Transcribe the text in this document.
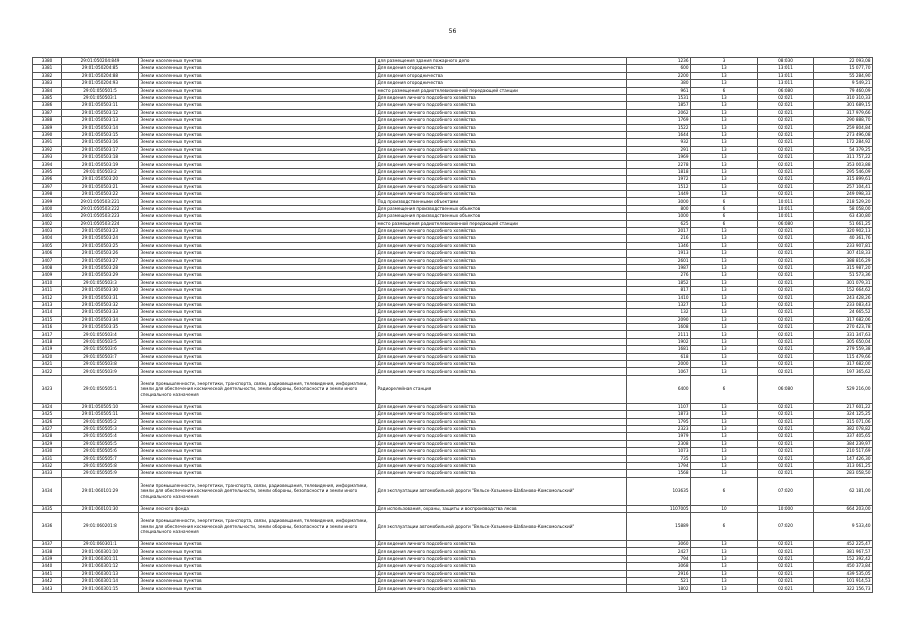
56
3380	29:01:050204:849	Земли населенных пунктов	для размещения здания пожарного депо	1236	3	08:030	22 093,08
3381	29:01:050204:85	Земли населенных пунктов	Для ведения огородничества	600	13	13:011	15 077,70
3382	29:01:050204:88	Земли населенных пунктов	Для ведения огородничества	2200	13	13:011	55 284,90
3383	29:01:050204:93	Земли населенных пунктов	Для ведения огородничества	380	13	13:011	9 549,21
3384	29:01:050501:5	Земли населенных пунктов	место размещения радиотелевизионной передающей станции	961	6	06:080	79 460,09
3385	29:01:050503:1	Земли населенных пунктов	Для ведения личного подсобного хозяйства	1531	13	02:021	310 310,33
3386	29:01:050503:11	Земли населенных пунктов	Для ведения личного подсобного хозяйства	1857	13	02:021	301 689,15
3387	29:01:050503:12	Земли населенных пунктов	Для ведения личного подсобного хозяйства	2062	13	02:021	317 979,66
3388	29:01:050503:13	Земли населенных пунктов	Для ведения личного подсобного хозяйства	1769	13	02:021	290 888,70
3389	29:01:050503:14	Земли населенных пунктов	Для ведения личного подсобного хозяйства	1522	13	02:021	259 804,84
3390	29:01:050503:15	Земли населенных пунктов	Для ведения личного подсобного хозяйства	1644	13	02:021	273 496,08
3391	29:01:050503:16	Земли населенных пунктов	Для ведения личного подсобного хозяйства	932	13	02:021	172 284,92
3392	29:01:050503:17	Земли населенных пунктов	Для ведения личного подсобного хозяйства	291	13	02:021	54 379,25
3393	29:01:050503:18	Земли населенных пунктов	Для ведения личного подсобного хозяйства	1969	13	02:021	311 757,22
3394	29:01:050503:19	Земли населенных пунктов	Для ведения личного подсобного хозяйства	2278	13	02:021	353 003,88
3395	29:01:050503:2	Земли населенных пунктов	Для ведения личного подсобного хозяйства	1818	13	02:021	295 546,09
3396	29:01:050503:20	Земли населенных пунктов	Для ведения личного подсобного хозяйства	1972	13	02:021	315 899,61
3397	29:01:050503:21	Земли населенных пунктов	Для ведения личного подсобного хозяйства	1512	13	02:021	257 104,41
3398	29:01:050503:22	Земли населенных пунктов	Для ведения личного подсобного хозяйства	1449	13	02:021	249 098,33
3399	29:01:050503:221	Земли населенных пунктов	Под производственными объектами	3000	6	10:011	218 529,20
3400	29:01:050503:222	Земли населенных пунктов	Для размещения производственных объектов	800	6	10:011	58 058,00
3401	29:01:050503:223	Земли населенных пунктов	Для размещения производственных объектов	1000	6	10:011	63 430,80
3402	29:01:050503:224	Земли населенных пунктов	место размещения радиотелевизионной передающей станции	625	6	06:080	51 661,25
3403	29:01:050503:23	Земли населенных пунктов	Для ведения личного подсобного хозяйства	2017	13	02:021	320 902,13
3404	29:01:050503:24	Земли населенных пунктов	Для ведения личного подсобного хозяйства	216	13	02:021	40 361,76
3405	29:01:050503:25	Земли населенных пунктов	Для ведения личного подсобного хозяйства	1346	13	02:021	233 907,81
3406	29:01:050503:26	Земли населенных пунктов	Для ведения личного подсобного хозяйства	1913	13	02:021	307 418,33
3407	29:01:050503:27	Земли населенных пунктов	Для ведения личного подсобного хозяйства	2601	13	02:021	388 816,29
3408	29:01:050503:28	Земли населенных пунктов	Для ведения личного подсобного хозяйства	1987	13	02:021	315 987,20
3409	29:01:050503:29	Земли населенных пунктов	Для ведения личного подсобного хозяйства	276	13	02:021	51 573,36
3410	29:01:050503:3	Земли населенных пунктов	Для ведения личного подсобного хозяйства	1852	13	02:021	301 079,31
3411	29:01:050503:30	Земли населенных пунктов	Для ведения личного подсобного хозяйства	817	13	02:021	152 664,62
3412	29:01:050503:31	Земли населенных пунктов	Для ведения личного подсобного хозяйства	1410	13	02:021	243 428,26
3413	29:01:050503:32	Земли населенных пунктов	Для ведения личного подсобного хозяйства	1327	13	02:021	233 083,43
3414	29:01:050503:33	Земли населенных пунктов	Для ведения личного подсобного хозяйства	132	13	02:021	24 665,52
3415	29:01:050503:34	Земли населенных пунктов	Для ведения личного подсобного хозяйства	2090	13	02:021	317 682,06
3416	29:01:050503:35	Земли населенных пунктов	Для ведения личного подсобного хозяйства	1608	13	02:021	270 423,78
3417	29:01:050503:4	Земли населенных пунктов	Для ведения личного подсобного хозяйства	2111	13	02:021	331 347,63
3418	29:01:050503:5	Земли населенных пунктов	Для ведения личного подсобного хозяйства	1902	13	02:021	305 650,04
3419	29:01:050503:6	Земли населенных пунктов	Для ведения личного подсобного хозяйства	1681	13	02:021	279 559,38
3420	29:01:050503:7	Земли населенных пунктов	Для ведения личного подсобного хозяйства	618	13	02:021	115 479,66
3421	29:01:050503:8	Земли населенных пунктов	Для ведения личного подсобного хозяйства	2000	13	02:021	317 682,00
3422	29:01:050503:9	Земли населенных пунктов	Для ведения личного подсобного хозяйства	1067	13	02:021	197 365,62
3423	29:01:050505:1	Земли промышленности, энергетики, транспорта, связи, радиовещания, телевидения, информатики, земли для обеспечения космической деятельности, земли обороны, безопасности и земли иного специального назначения	Радиорелейная станция	6400	6	06:080	529 216,00
3424	29:01:050505:10	Земли населенных пунктов	Для ведения личного подсобного хозяйства	1107	13	02:021	217 601,22
3425	29:01:050505:11	Земли населенных пунктов	Для ведения личного подсобного хозяйства	1873	13	02:021	324 125,25
3426	29:01:050505:2	Земли населенных пунктов	Для ведения личного подсобного хозяйства	1795	13	02:021	315 071,06
3427	29:01:050505:3	Земли населенных пунктов	Для ведения личного подсобного хозяйства	2323	13	02:021	382 078,82
3428	29:01:050505:4	Земли населенных пунктов	Для ведения личного подсобного хозяйства	1979	13	02:021	337 405,65
3429	29:01:050505:5	Земли населенных пунктов	Для ведения личного подсобного хозяйства	2308	13	02:021	384 239,97
3430	29:01:050505:6	Земли населенных пунктов	Для ведения личного подсобного хозяйства	1073	13	02:021	210 517,69
3431	29:01:050505:7	Земли населенных пунктов	Для ведения личного подсобного хозяйства	735	13	02:021	147 426,30
3432	29:01:050505:8	Земли населенных пунктов	Для ведения личного подсобного хозяйства	1794	13	02:021	313 061,25
3433	29:01:050505:9	Земли населенных пунктов	Для ведения личного подсобного хозяйства	1568	13	02:021	283 058,50
3434	29:01:060101:29	Земли промышленности, энергетики, транспорта, связи, радиовещания, телевидения, информатики, земли для обеспечения космической деятельности, земли обороны, безопасности и земли иного специального назначения	Для эксплуатации автомобильной дороги "Вельск-Хозьмино-Шабаново-Комсомольский"	103635	6	07:020	62 181,00
3435	29:01:060101:30	Земли лесного фонда	Для использования, охраны, защиты и воспроизводства лесов	1107005	10	10:000	664 203,00
3436	29:01:060201:8	Земли промышленности, энергетики, транспорта, связи, радиовещания, телевидения, информатики, земли для обеспечения космической деятельности, земли обороны, безопасности и земли иного специального назначения	Для эксплуатации автомобильной дороги "Вельск-Хозьмино-Шабаново-Комсомольский"	15889	6	07:020	9 533,40
3437	29:01:060301:1	Земли населенных пунктов	Для ведения личного подсобного хозяйства	3060	13	02:021	452 225,47
3438	29:01:060301:10	Земли населенных пунктов	Для ведения личного подсобного хозяйства	2427	13	02:021	381 967,57
3439	29:01:060301:11	Земли населенных пунктов	Для ведения личного подсобного хозяйства	794	13	02:021	152 392,42
3440	29:01:060301:12	Земли населенных пунктов	Для ведения личного подсобного хозяйства	3068	13	02:021	450 373,84
3441	29:01:060301:13	Земли населенных пунктов	Для ведения личного подсобного хозяйства	2916	13	02:021	439 535,05
3442	29:01:060301:14	Земли населенных пунктов	Для ведения личного подсобного хозяйства	521	13	02:021	101 914,53
3443	29:01:060301:15	Земли населенных пунктов	Для ведения личного подсобного хозяйства	1802	13	02:021	322 156,73
